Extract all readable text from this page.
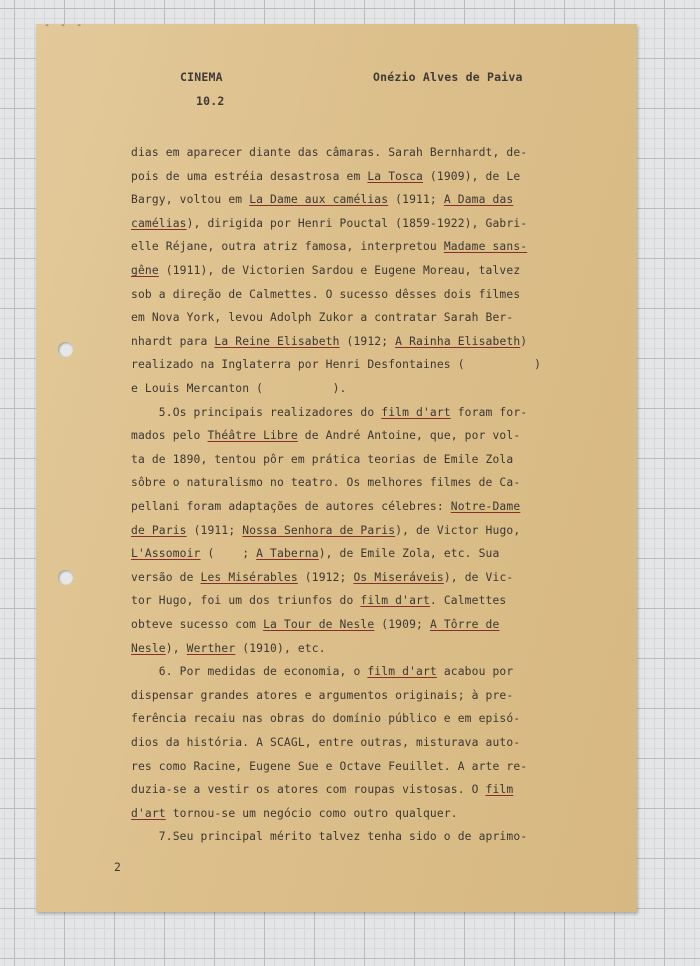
- - -
CINEMA
10.2
Onézio Alves de Paiva
dias em aparecer diante das câmaras. Sarah Bernhardt, de-
pois de uma estréia desastrosa em La Tosca (1909), de Le
Bargy, voltou em La Dame aux camélias (1911; A Dama das
camélias), dirigida por Henri Pouctal (1859-1922), Gabri-
elle Réjane, outra atriz famosa, interpretou Madame sans-
gêne (1911), de Victorien Sardou e Eugene Moreau, talvez
sob a direção de Calmettes. O sucesso dêsses dois filmes
em Nova York, levou Adolph Zukor a contratar Sarah Ber-
nhardt para La Reine Elisabeth (1912; A Rainha Elisabeth)
realizado na Inglaterra por Henri Desfontaines (          )
e Louis Mercanton (          ).
5.Os principais realizadores do film d'art foram for-
mados pelo Théâtre Libre de André Antoine, que, por vol-
ta de 1890, tentou pôr em prática teorias de Emile Zola
sôbre o naturalismo no teatro. Os melhores filmes de Ca-
pellani foram adaptações de autores célebres: Notre-Dame
de Paris (1911; Nossa Senhora de Paris), de Victor Hugo,
L'Assomoir (    ; A Taberna), de Emile Zola, etc. Sua
versão de Les Misérables (1912; Os Miseráveis), de Vic-
tor Hugo, foi um dos triunfos do film d'art. Calmettes
obteve sucesso com La Tour de Nesle (1909; A Tôrre de
Nesle), Werther (1910), etc.
6. Por medidas de economia, o film d'art acabou por
dispensar grandes atores e argumentos originais; à pre-
ferência recaiu nas obras do domínio público e em episó-
dios da história. A SCAGL, entre outras, misturava auto-
res como Racine, Eugene Sue e Octave Feuillet. A arte re-
duzia-se a vestir os atores com roupas vistosas. O film
d'art tornou-se um negócio como outro qualquer.
7.Seu principal mérito talvez tenha sido o de aprimo-
2
